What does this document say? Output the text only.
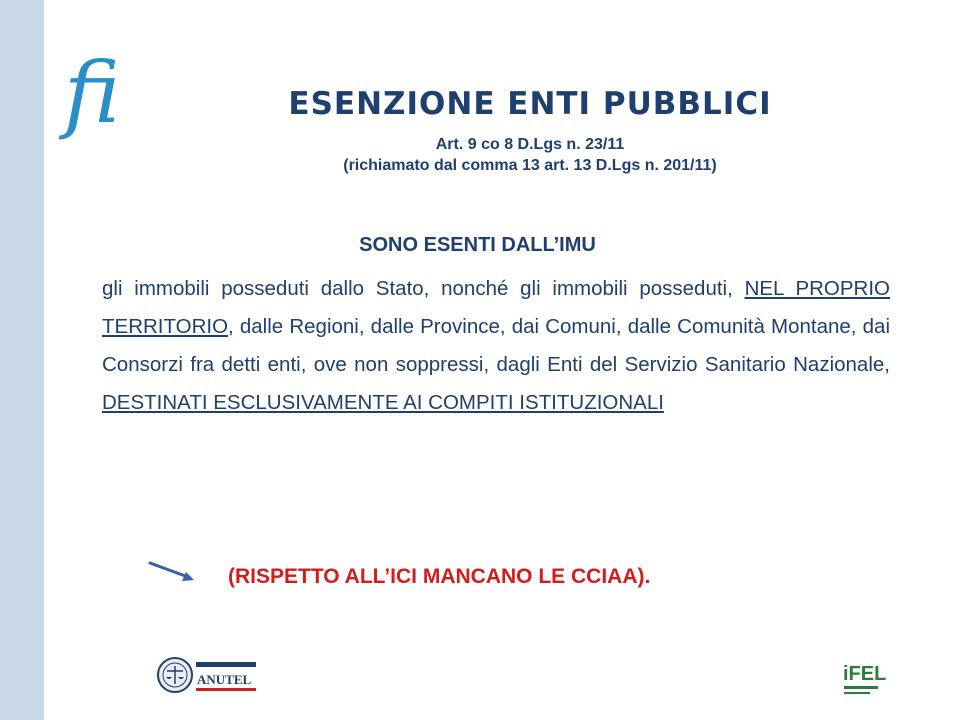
fi	ESENZIONE ENTI PUBBLICI
Art. 9 co 8 D.Lgs n. 23/11
(richiamato dal comma 13 art. 13 D.Lgs n. 201/11)
SONO ESENTI DALL’IMU
gli immobili posseduti dallo Stato, nonché gli immobili posseduti, NEL PROPRIO TERRITORIO, dalle Regioni, dalle Province, dai Comuni, dalle Comunità Montane, dai Consorzi fra detti enti, ove non soppressi, dagli Enti del Servizio Sanitario Nazionale, DESTINATI ESCLUSIVAMENTE AI COMPITI ISTITUZIONALI
(RISPETTO ALL’ICI MANCANO LE CCIAA).
ANUTEL	iFEL
